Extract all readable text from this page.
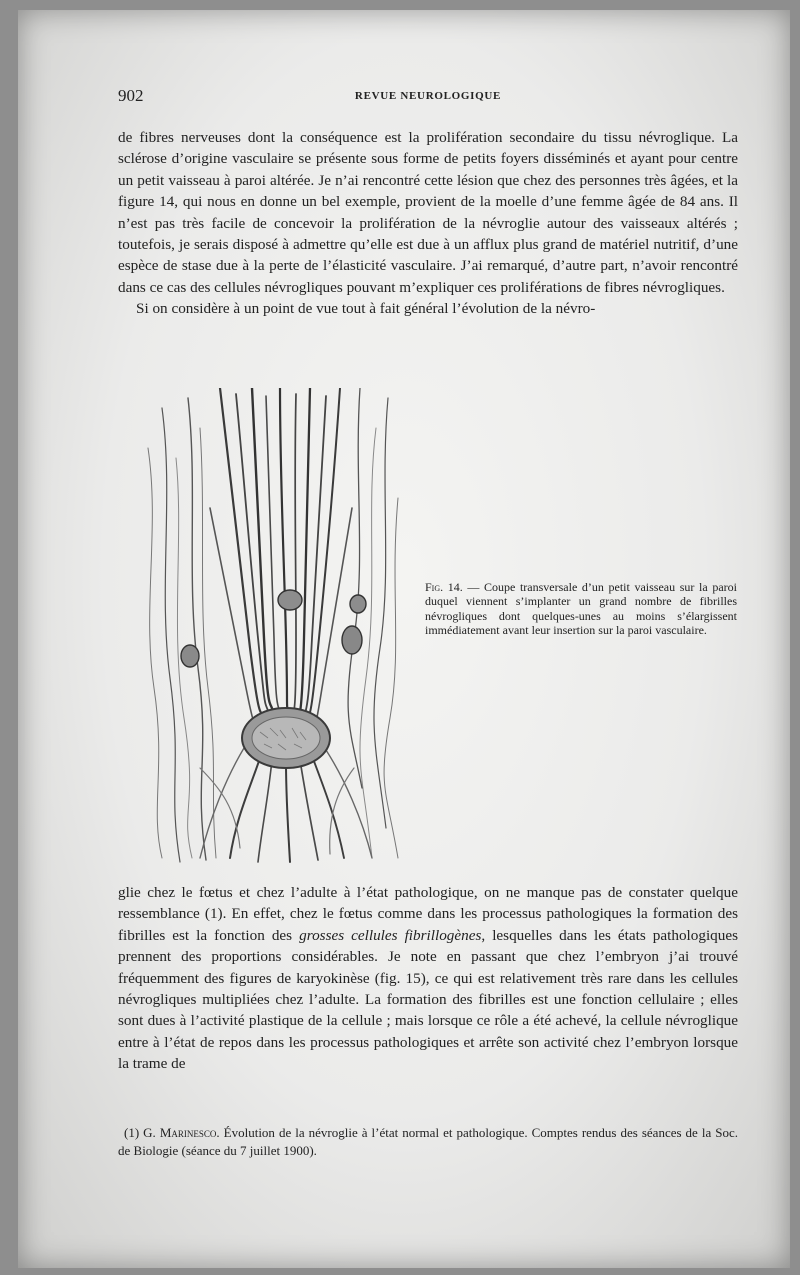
902	REVUE NEUROLOGIQUE

de fibres nerveuses dont la conséquence est la prolifération secondaire du tissu névroglique. La sclérose d’origine vasculaire se présente sous forme de petits foyers disséminés et ayant pour centre un petit vaisseau à paroi altérée. Je n’ai rencontré cette lésion que chez des personnes très âgées, et la figure 14, qui nous en donne un bel exemple, provient de la moelle d’une femme âgée de 84 ans. Il n’est pas très facile de concevoir la prolifération de la névroglie autour des vaisseaux altérés ; toutefois, je serais disposé à admettre qu’elle est due à un afflux plus grand de matériel nutritif, d’une espèce de stase due à la perte de l’élasticité vasculaire. J’ai remarqué, d’autre part, n’avoir rencontré dans ce cas des cellules névrogliques pouvant m’expliquer ces proliférations de fibres névrogliques.

Si on considère à un point de vue tout à fait général l’évolution de la névro-

Fig. 14. — Coupe transversale d’un petit vaisseau sur la paroi duquel viennent s’implanter un grand nombre de fibrilles névrogliques dont quelques-unes au moins s’élargissent immédiatement avant leur insertion sur la paroi vasculaire.

glie chez le fœtus et chez l’adulte à l’état pathologique, on ne manque pas de constater quelque ressemblance (1). En effet, chez le fœtus comme dans les processus pathologiques la formation des fibrilles est la fonction des grosses cellules fibrillogènes, lesquelles dans les états pathologiques prennent des proportions considérables. Je note en passant que chez l’embryon j’ai trouvé fréquemment des figures de karyokinèse (fig. 15), ce qui est relativement très rare dans les cellules névrogliques multipliées chez l’adulte. La formation des fibrilles est une fonction cellulaire ; elles sont dues à l’activité plastique de la cellule ; mais lorsque ce rôle a été achevé, la cellule névroglique entre à l’état de repos dans les processus pathologiques et arrête son activité chez l’embryon lorsque la trame de

(1) G. Marinesco. Évolution de la névroglie à l’état normal et pathologique. Comptes rendus des séances de la Soc. de Biologie (séance du 7 juillet 1900).
